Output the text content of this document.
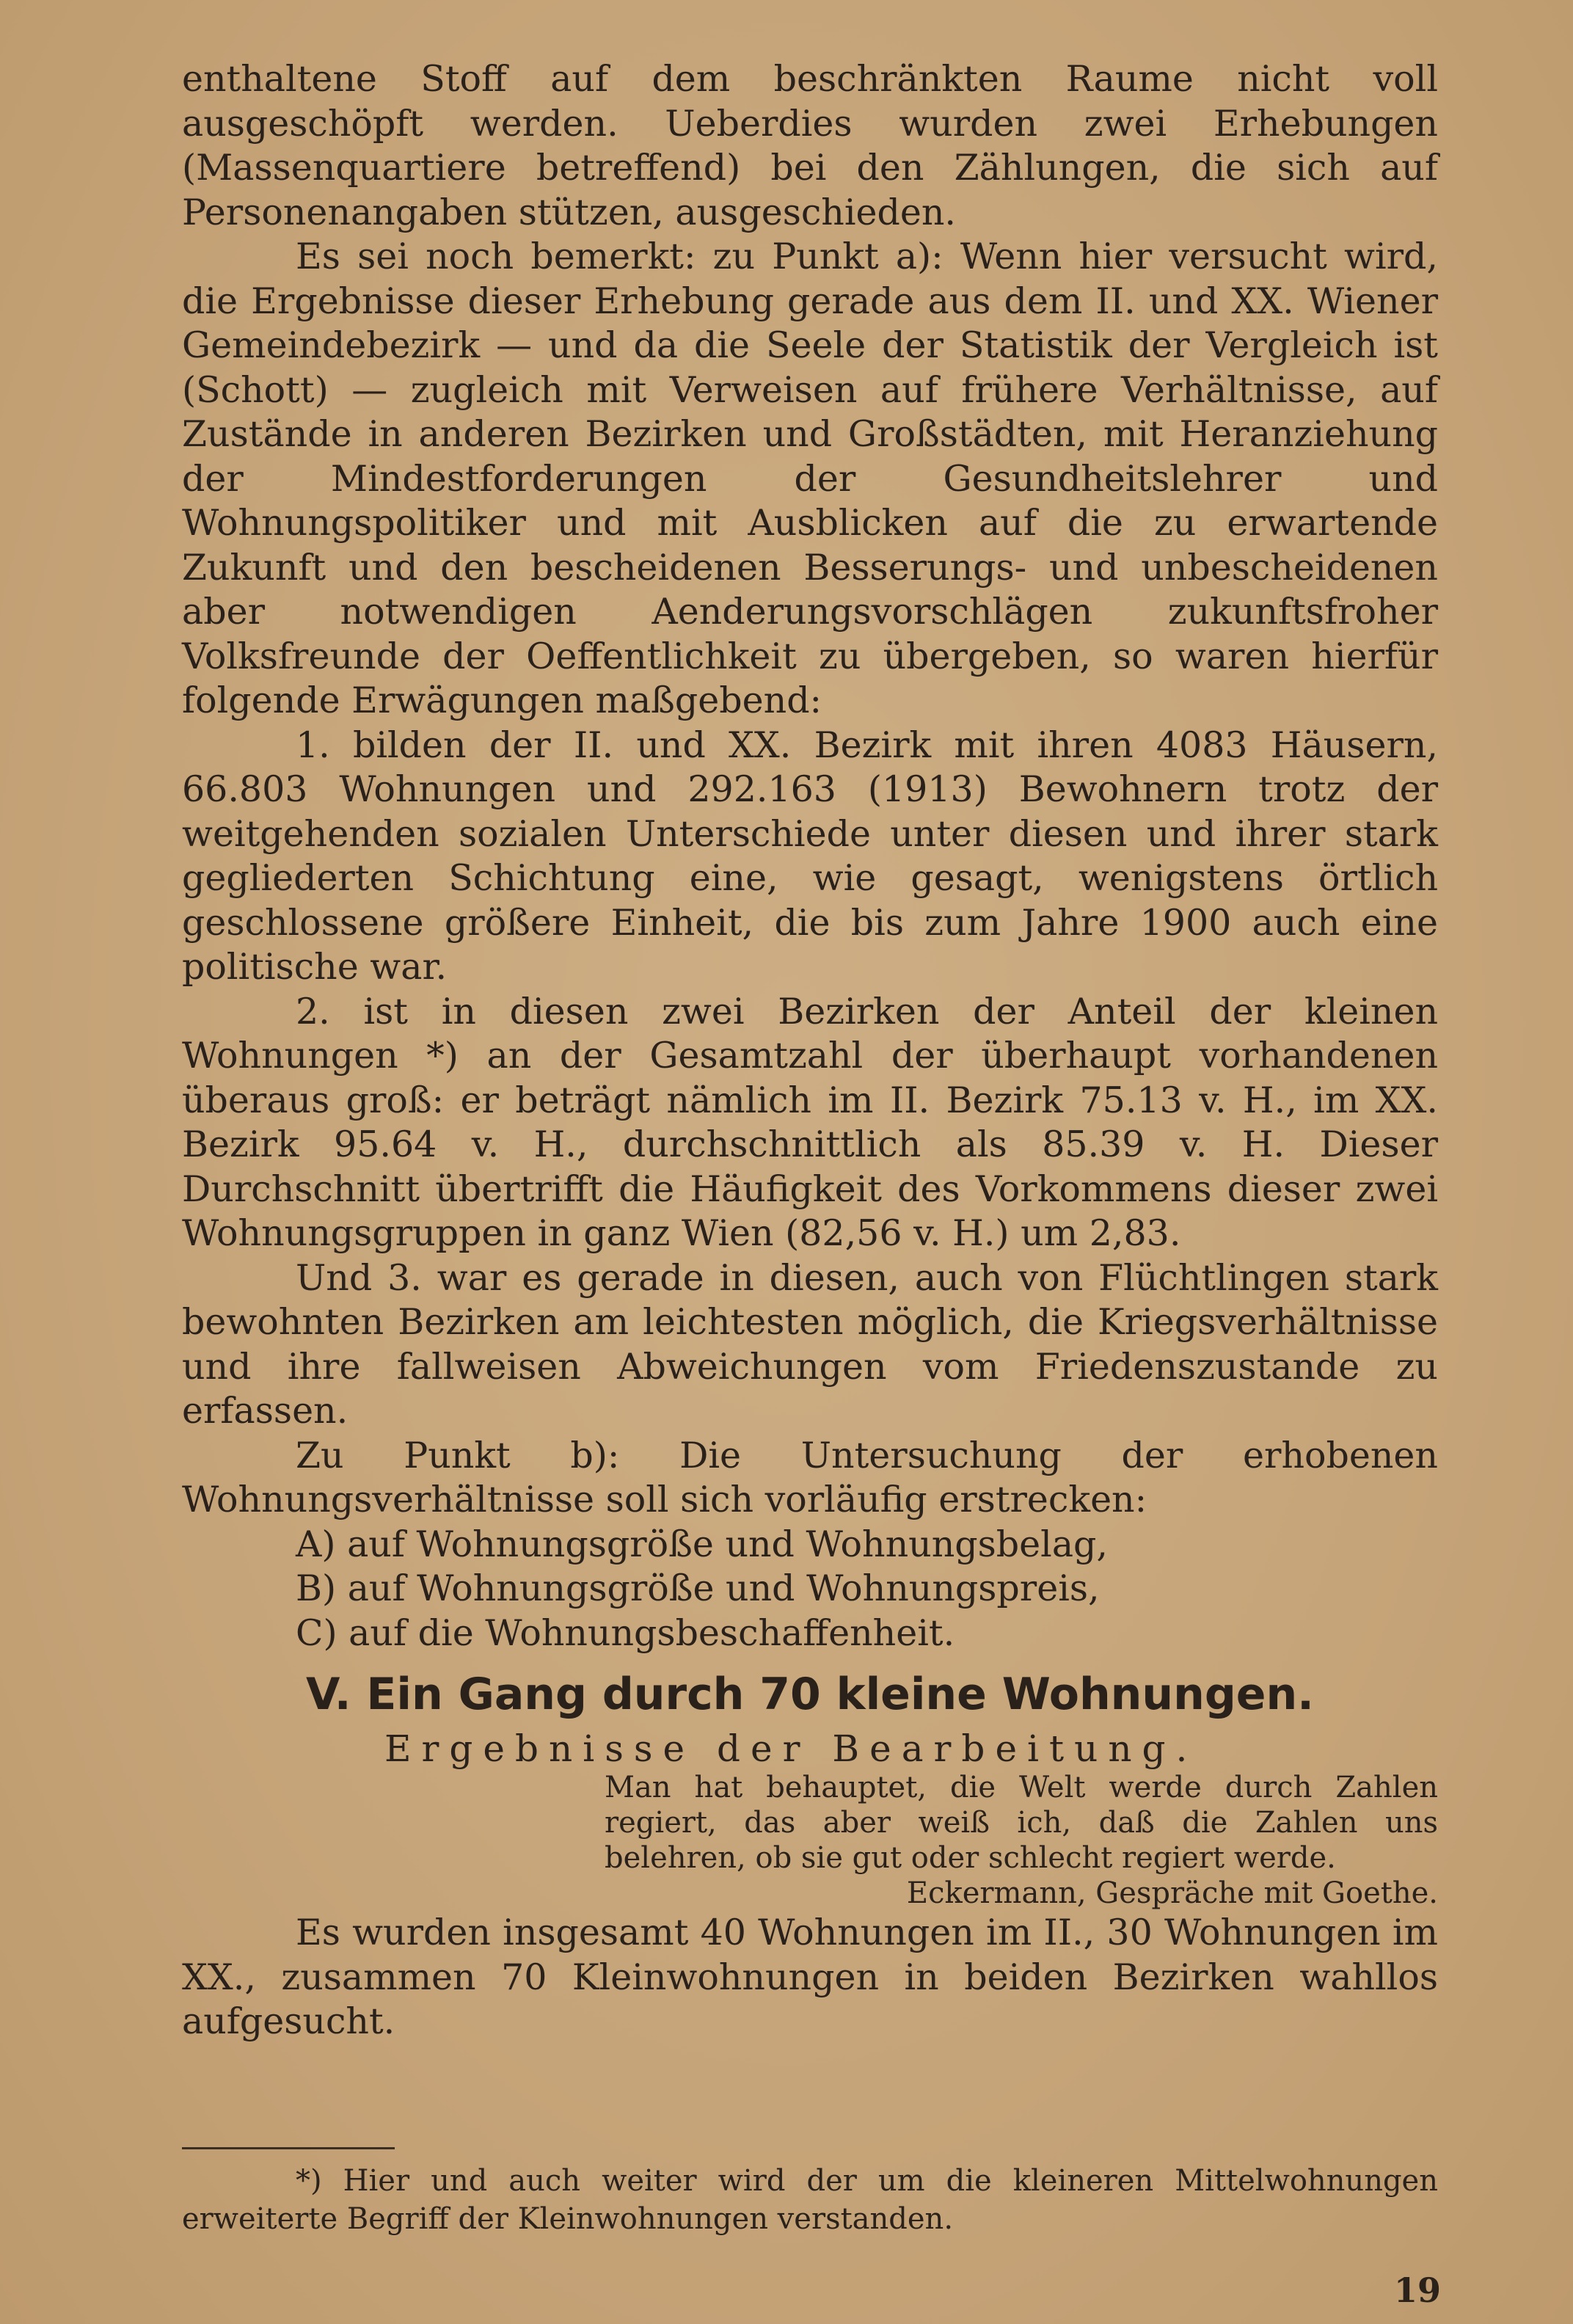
enthaltene Stoff auf dem beschränkten Raume nicht voll ausgeschöpft werden. Ueberdies wurden zwei Erhebungen (Massenquartiere betreffend) bei den Zählungen, die sich auf Personenangaben stützen, ausgeschieden.

Es sei noch bemerkt: zu Punkt a): Wenn hier versucht wird, die Ergebnisse dieser Erhebung gerade aus dem II. und XX. Wiener Gemeindebezirk — und da die Seele der Statistik der Vergleich ist (Schott) — zugleich mit Verweisen auf frühere Verhältnisse, auf Zustände in anderen Bezirken und Großstädten, mit Heranziehung der Mindestforderungen der Gesundheitslehrer und Wohnungspolitiker und mit Ausblicken auf die zu erwartende Zukunft und den bescheidenen Besserungs- und unbescheidenen aber notwendigen Aenderungsvorschlägen zukunftsfroher Volksfreunde der Oeffentlichkeit zu übergeben, so waren hierfür folgende Erwägungen maßgebend:

1. bilden der II. und XX. Bezirk mit ihren 4083 Häusern, 66.803 Wohnungen und 292.163 (1913) Bewohnern trotz der weitgehenden sozialen Unterschiede unter diesen und ihrer stark gegliederten Schichtung eine, wie gesagt, wenigstens örtlich geschlossene größere Einheit, die bis zum Jahre 1900 auch eine politische war.

2. ist in diesen zwei Bezirken der Anteil der kleinen Wohnungen *) an der Gesamtzahl der überhaupt vorhandenen überaus groß: er beträgt nämlich im II. Bezirk 75.13 v. H., im XX. Bezirk 95.64 v. H., durchschnittlich als 85.39 v. H. Dieser Durchschnitt übertrifft die Häufigkeit des Vorkommens dieser zwei Wohnungsgruppen in ganz Wien (82,56 v. H.) um 2,83.

Und 3. war es gerade in diesen, auch von Flüchtlingen stark bewohnten Bezirken am leichtesten möglich, die Kriegsverhältnisse und ihre fallweisen Abweichungen vom Friedenszustande zu erfassen.

Zu Punkt b): Die Untersuchung der erhobenen Wohnungsverhältnisse soll sich vorläufig erstrecken:

A) auf Wohnungsgröße und Wohnungsbelag,

B) auf Wohnungsgröße und Wohnungspreis,

C) auf die Wohnungsbeschaffenheit.

V. Ein Gang durch 70 kleine Wohnungen.

Ergebnisse der Bearbeitung.

Man hat behauptet, die Welt werde durch Zahlen regiert, das aber weiß ich, daß die Zahlen uns belehren, ob sie gut oder schlecht regiert werde.
Eckermann, Gespräche mit Goethe.

Es wurden insgesamt 40 Wohnungen im II., 30 Wohnungen im XX., zusammen 70 Kleinwohnungen in beiden Bezirken wahllos aufgesucht.

*) Hier und auch weiter wird der um die kleineren Mittelwohnungen erweiterte Begriff der Kleinwohnungen verstanden.

19
